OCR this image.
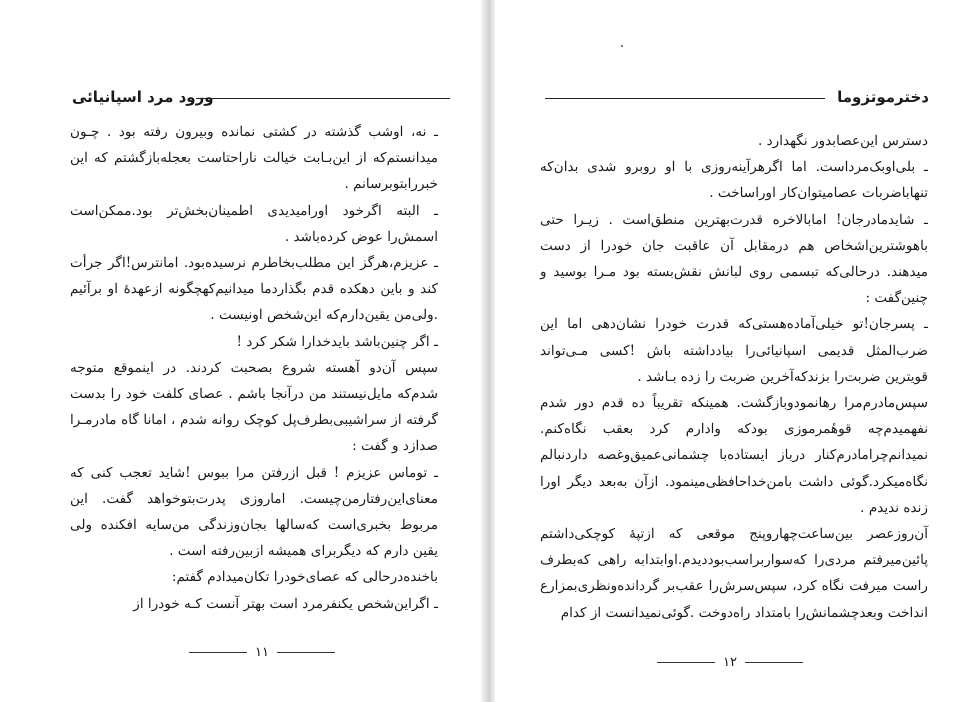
ورود مرد اسپانیائی

ـ نه، اوشب گذشته در کشتی نمانده وبیرون رفته بود . چـون میدانستم‌که از این‌بـابت خیالت ناراحتاست بعجله‌باز‌گشتم که این خبررابتوبرسانم .

ـ البته اگرخود اورامیدیدی اطمینان‌بخش‌تر بود.ممکن‌است اسمش‌را عوض کرده‌باشد .

ـ عزیزم،هرگز این مطلب‌بخاطرم نرسیده‌بود. امانترس!اگر جرأت کند و باین دهکده قدم بگذاردما میدانیم‌کهچگونه ازعهدهٔ او برآئیم .ولی‌من یقین‌دارم‌که این‌شخص اونیست .

ـ اگر چنین‌باشد بایدخدارا شکر کرد !

سپس آن‌دو آهسته شروع بصحبت کردند. در اینموقع متوجه شدم‌که مایل‌نیستند من درآنجا باشم . عصای کلفت خود را بدست گرفته از سراشیبی‌بطرف‌پل کوچک روانه شدم ، امانا گاه مادرمـرا صدازد و گفت :

ـ توماس عزیزم ! قبل ازرفتن مرا ببوس !شاید تعجب کنی که معنای‌این‌رفتارمن‌چیست. اماروزی پدرت‌بتوخواهد گفت. این مربوط بخبری‌است که‌سالها بجان‌وزندگی من‌سایه افکنده ولی یقین دارم که دیگربرای همیشه ازبین‌رفته است .

باخنده‌درحالی که عصای‌خودرا تکان‌میدادم گفتم:

ـ اگراین‌شخص یکنفرمرد است بهتر آنست کـه خودرا از

۱۱
دخترموتزوما

دسترس این‌عصابدور نگهدارد .

ـ بلی‌اوبک‌مرداست. اما اگرهرآینه‌روزی با او روبرو شدی بدان‌که تنهابا‌ضربات عصامیتوان‌کار اوراساخت .

ـ شایدمادرجان! امابالاخره قدرت‌بهترین منطق‌است . زیـرا حتی باهوشترین‌اشخاص هم درمقابل آن عاقبت جان خودرا از دست میدهند. درحالی‌که تبسمی روی لبانش نقش‌بسته بود مـرا بوسید و چنین‌گفت :

ـ پسرجان!تو خیلی‌آماده‌هستی‌که قدرت خودرا نشان‌دهی اما این ضرب‌المثل قدیمی اسپانیائی‌را بیادداشته باش !کسی مـی‌تواند قویترین ضربت‌را بزندکه‌آخرین ضربت را زده بـاشد .

سپس‌مادرم‌مرا رهانمودوبازگشت. همینکه تقریباً ده قدم دور شدم نفهمیدم‌چه قوهٔمرموزی بود‌که وادارم کرد بعقب نگاه‌کنم. نمیدانم‌چرامادرم‌کنار درباز ایستاده‌با چشمانی‌عمیق‌وغصه داردنبالم نگاه‌میکرد.گوئی داشت بامن‌خداحافظی‌مینمود. ازآن به‌بعد دیگر اورا زنده ندیدم .

آن‌روزعصر بین‌ساعت‌چهاروپنج موقعی که ازتپهٔ کوچکی‌داشتم پائین‌میرفتم مردی‌را که‌سواربراسب‌بوددیدم.اوابتدابه راهی که‌بطرف راست میرفت نگاه کرد، سپس‌سرش‌را عقب‌بر گردانده‌ونظری‌بمزارع انداخت وبعدچشمانش‌را بامتداد راه‌دوخت .گوئی‌نمیدانست از کدام

۱۲
